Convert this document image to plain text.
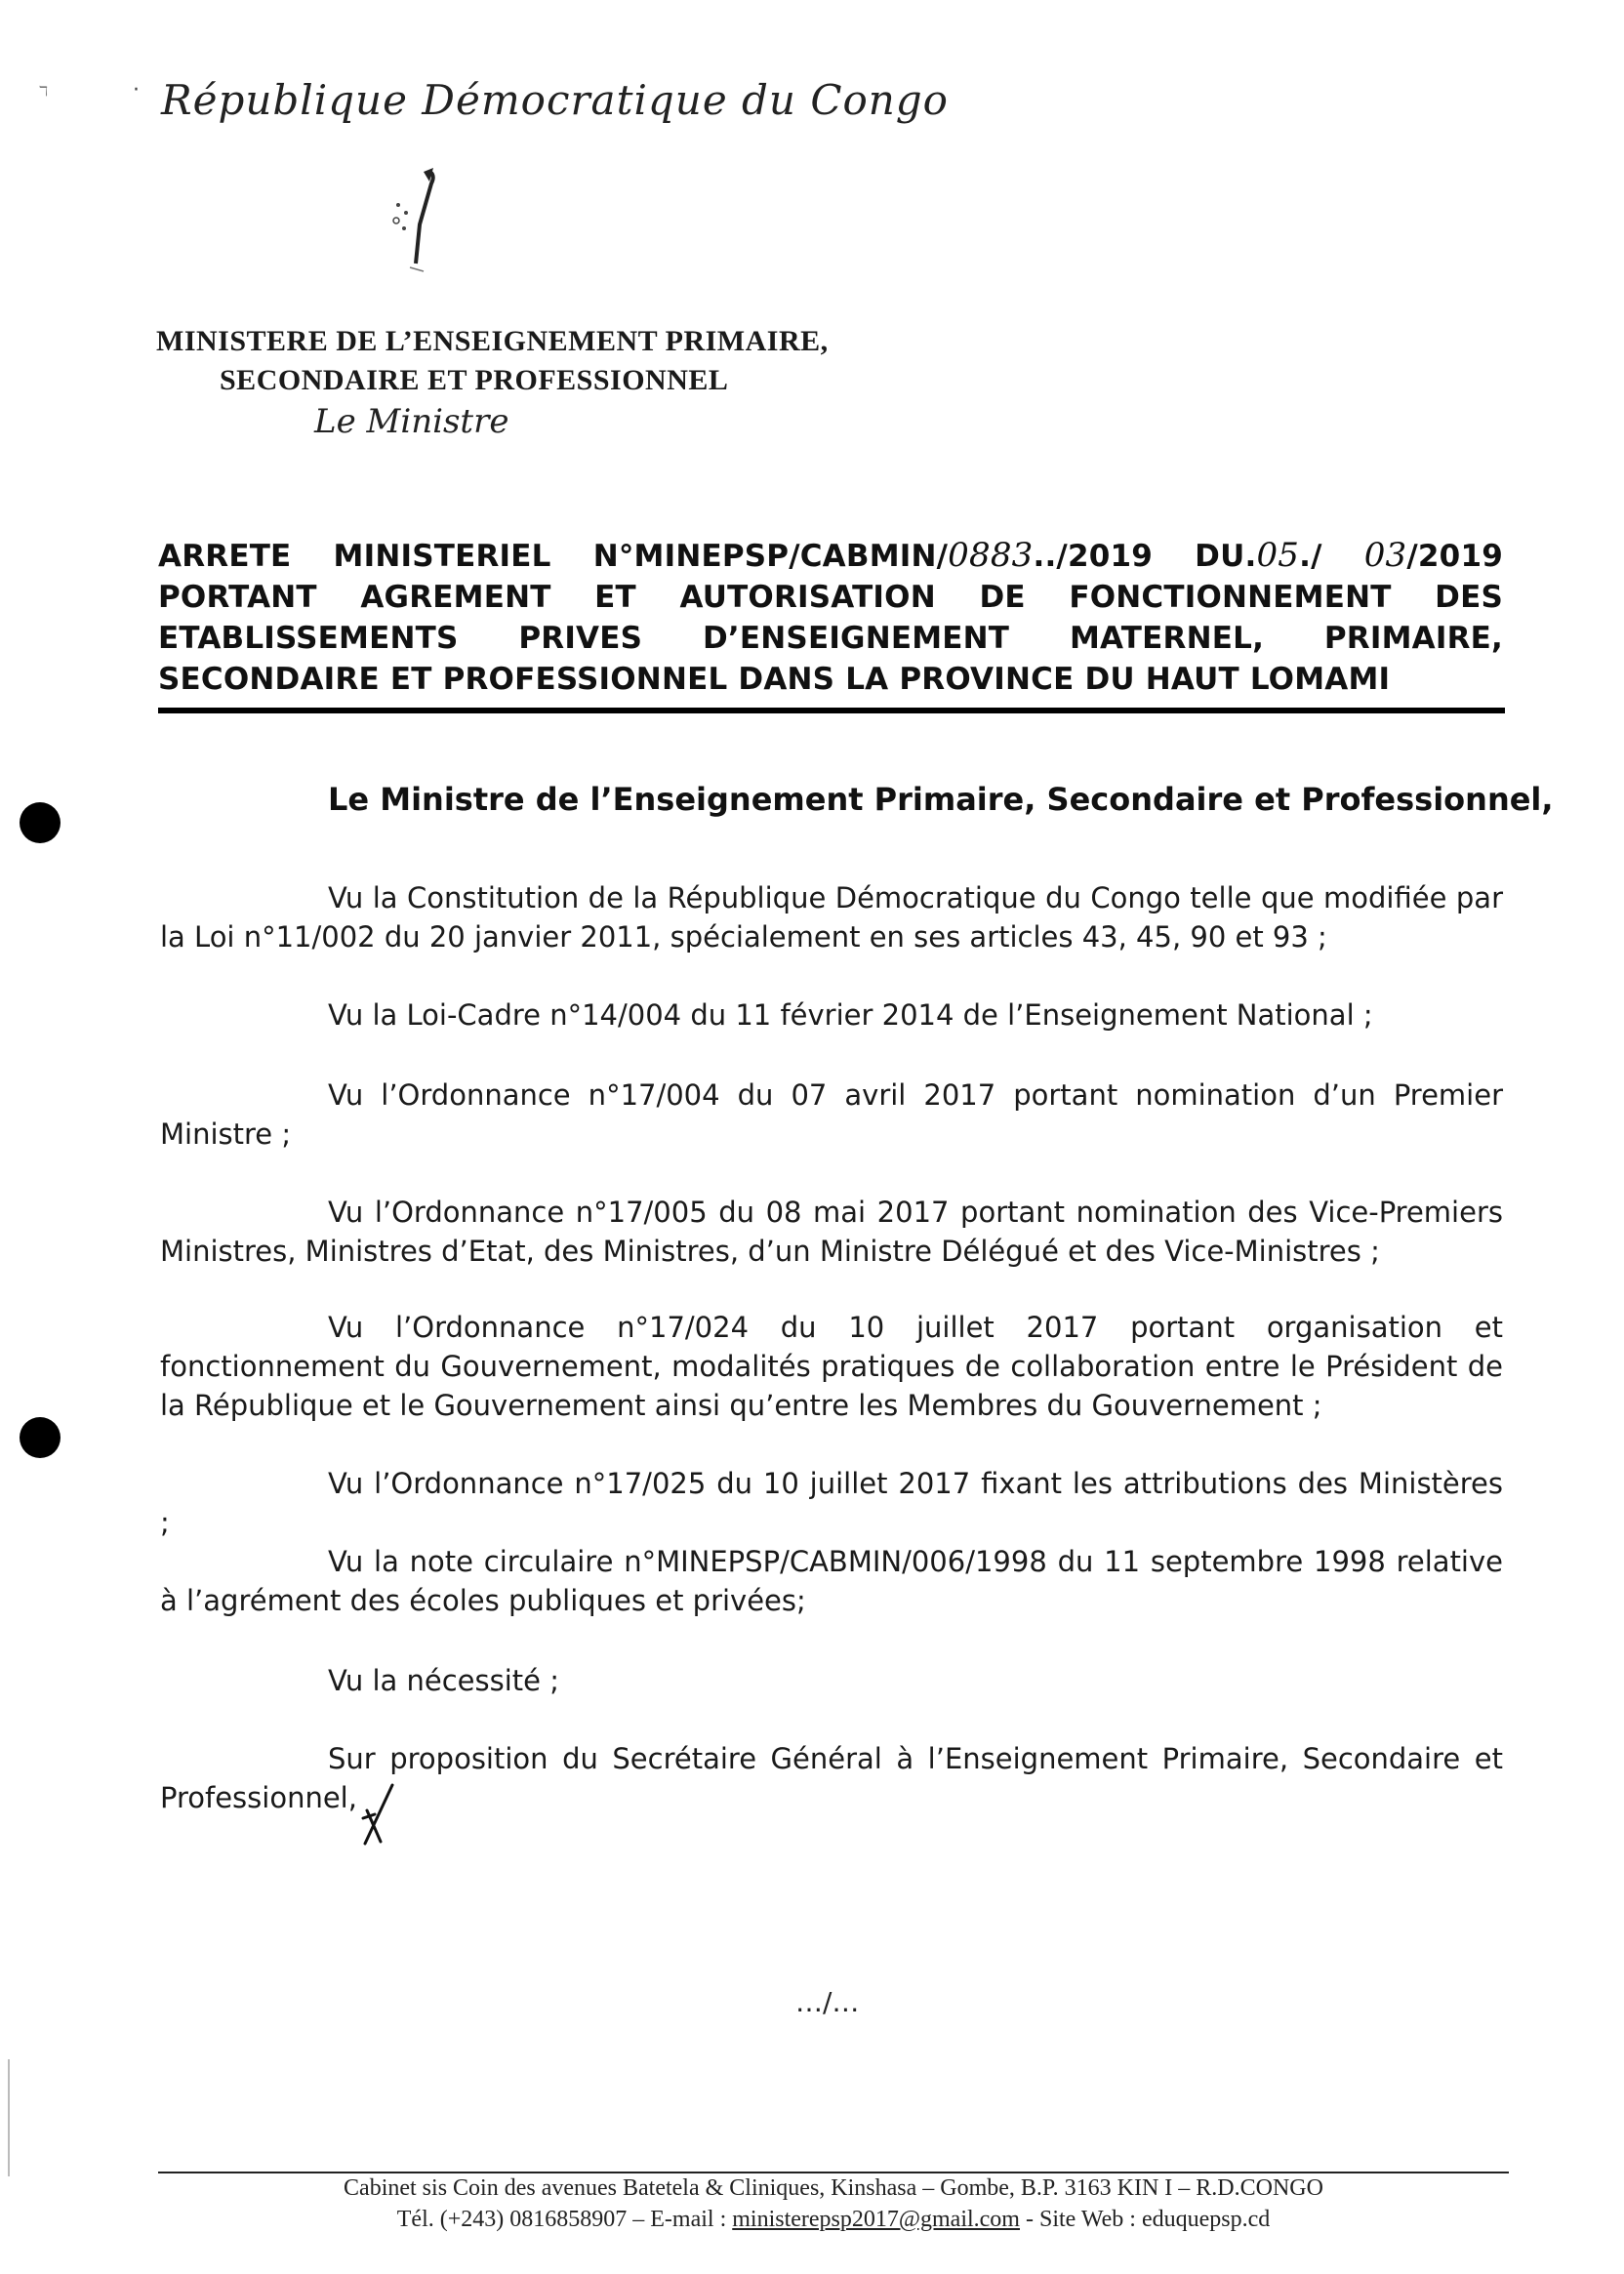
ℸ	· République Démocratique du Congo
MINISTERE DE L’ENSEIGNEMENT PRIMAIRE,
SECONDAIRE ET PROFESSIONNEL
Le Ministre
ARRETE MINISTERIEL N°MINEPSP/CABMIN/0883../2019 DU.05./ 03/2019
PORTANT AGREMENT ET AUTORISATION DE FONCTIONNEMENT DES
ETABLISSEMENTS PRIVES D’ENSEIGNEMENT MATERNEL, PRIMAIRE,
SECONDAIRE ET PROFESSIONNEL DANS LA PROVINCE DU HAUT LOMAMI
Le Ministre de l’Enseignement Primaire, Secondaire et Professionnel,
Vu la Constitution de la République Démocratique du Congo telle que modifiée par la Loi n°11/002 du 20 janvier 2011, spécialement en ses articles 43, 45, 90 et 93 ;
Vu la Loi-Cadre n°14/004 du 11 février 2014 de l’Enseignement National ;
Vu l’Ordonnance n°17/004 du 07 avril 2017 portant nomination d’un Premier Ministre ;
Vu l’Ordonnance n°17/005 du 08 mai 2017 portant nomination des Vice-Premiers Ministres, Ministres d’Etat, des Ministres, d’un Ministre Délégué et des Vice-Ministres ;
Vu l’Ordonnance n°17/024 du 10 juillet 2017 portant organisation et fonctionnement du Gouvernement, modalités pratiques de collaboration entre le Président de la République et le Gouvernement ainsi qu’entre les Membres du Gouvernement ;
Vu l’Ordonnance n°17/025 du 10 juillet 2017 fixant les attributions des Ministères ;
Vu la note circulaire n°MINEPSP/CABMIN/006/1998 du 11 septembre 1998 relative à l’agrément des écoles publiques et privées;
Vu la nécessité ;
Sur proposition du Secrétaire Général à l’Enseignement Primaire, Secondaire et Professionnel,
…/…
Cabinet sis Coin des avenues Batetela & Cliniques, Kinshasa – Gombe, B.P. 3163 KIN I – R.D.CONGO
Tél. (+243) 0816858907 – E-mail : ministerepsp2017@gmail.com - Site Web : eduquepsp.cd
